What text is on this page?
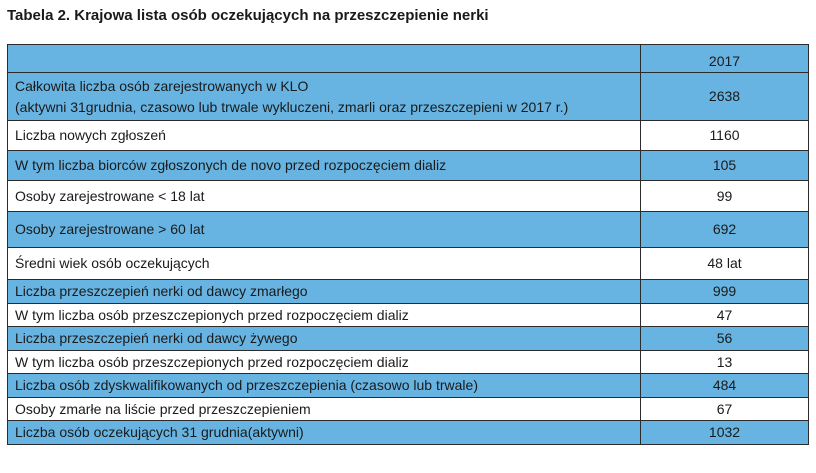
Tabela 2. Krajowa lista osób oczekujących na przeszczepienie nerki
	2017

Całkowita liczba osób zarejestrowanych w KLO
(aktywni 31grudnia, czasowo lub trwale wykluczeni, zmarli oraz przeszczepieni w 2017 r.)	2638
Liczba nowych zgłoszeń	1160
W tym liczba biorców zgłoszonych de novo przed rozpoczęciem dializ	105
Osoby zarejestrowane < 18 lat	99
Osoby zarejestrowane > 60 lat	692
Średni wiek osób oczekujących	48 lat
Liczba przeszczepień nerki od dawcy zmarłego	999
W tym liczba osób przeszczepionych przed rozpoczęciem dializ	47
Liczba przeszczepień nerki od dawcy żywego	56
W tym liczba osób przeszczepionych przed rozpoczęciem dializ	13
Liczba osób zdyskwalifikowanych od przeszczepienia (czasowo lub trwale)	484
Osoby zmarłe na liście przed przeszczepieniem	67
Liczba osób oczekujących 31 grudnia(aktywni)	1032
